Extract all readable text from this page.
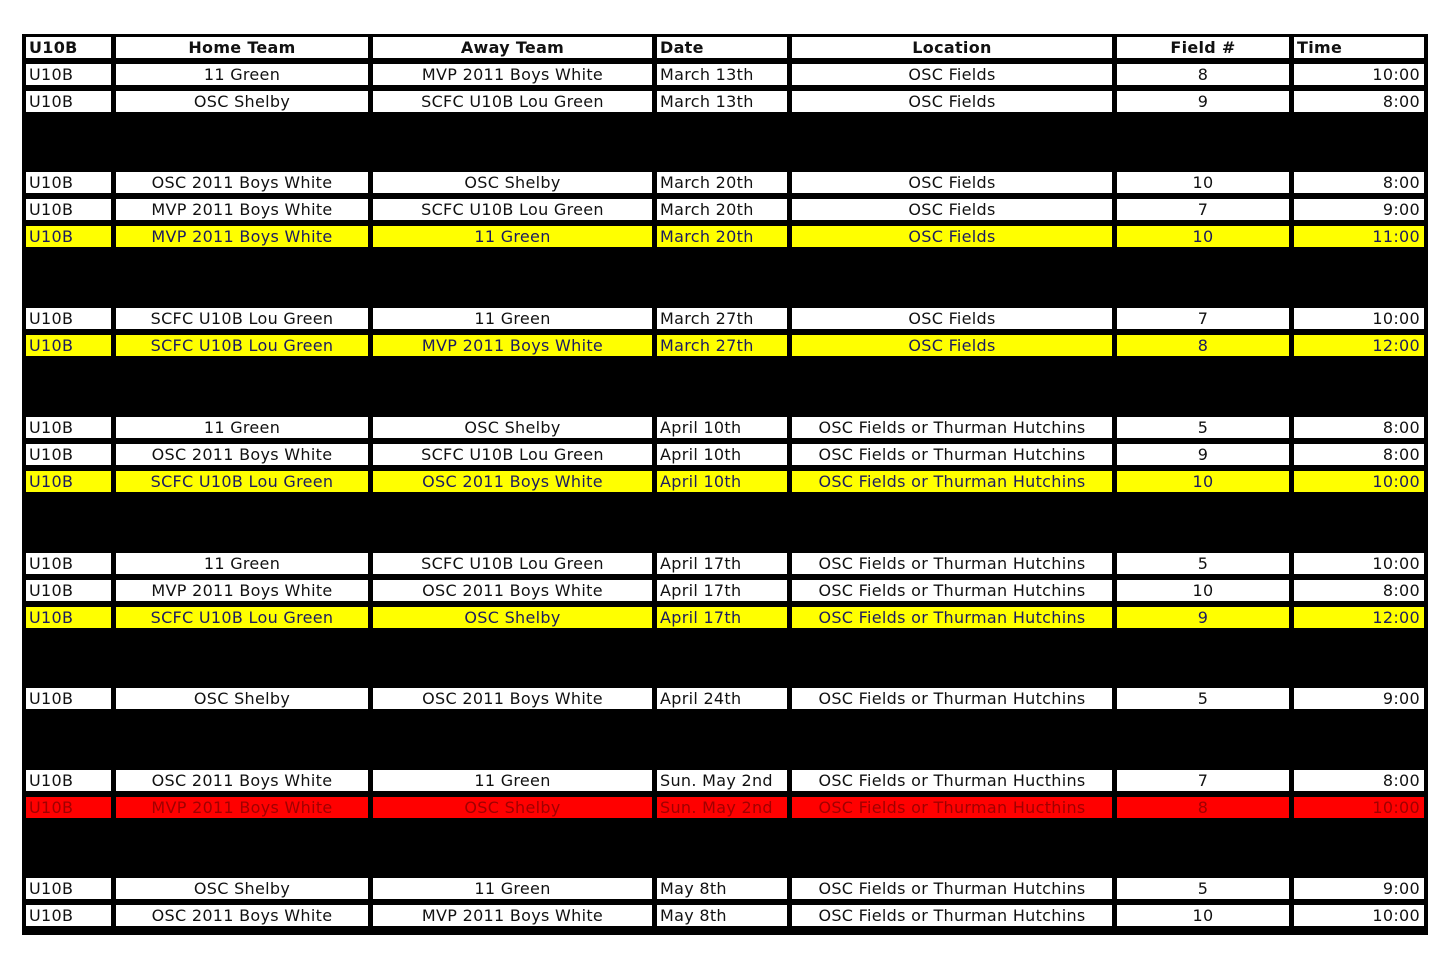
U10B	Home Team	Away Team	Date	Location	Field #	Time
U10B	11 Green	MVP 2011 Boys White	March 13th	OSC Fields	8	10:00
U10B	OSC Shelby	SCFC U10B Lou Green	March 13th	OSC Fields	9	8:00
U10B	OSC 2011 Boys White	OSC Shelby	March 20th	OSC Fields	10	8:00
U10B	MVP 2011 Boys White	SCFC U10B Lou Green	March 20th	OSC Fields	7	9:00
U10B	MVP 2011 Boys White	11 Green	March 20th	OSC Fields	10	11:00
U10B	SCFC U10B Lou Green	11 Green	March 27th	OSC Fields	7	10:00
U10B	SCFC U10B Lou Green	MVP 2011 Boys White	March 27th	OSC Fields	8	12:00
U10B	11 Green	OSC Shelby	April 10th	OSC Fields or Thurman Hutchins	5	8:00
U10B	OSC 2011 Boys White	SCFC U10B Lou Green	April 10th	OSC Fields or Thurman Hutchins	9	8:00
U10B	SCFC U10B Lou Green	OSC 2011 Boys White	April 10th	OSC Fields or Thurman Hutchins	10	10:00
U10B	11 Green	SCFC U10B Lou Green	April 17th	OSC Fields or Thurman Hutchins	5	10:00
U10B	MVP 2011 Boys White	OSC 2011 Boys White	April 17th	OSC Fields or Thurman Hutchins	10	8:00
U10B	SCFC U10B Lou Green	OSC Shelby	April 17th	OSC Fields or Thurman Hutchins	9	12:00
U10B	OSC Shelby	OSC 2011 Boys White	April 24th	OSC Fields or Thurman Hutchins	5	9:00
U10B	OSC 2011 Boys White	11 Green	Sun. May 2nd	OSC Fields or Thurman Hucthins	7	8:00
U10B	MVP 2011 Boys White	OSC Shelby	Sun. May 2nd	OSC Fields or Thurman Hucthins	8	10:00
U10B	OSC Shelby	11 Green	May 8th	OSC Fields or Thurman Hutchins	5	9:00
U10B	OSC 2011 Boys White	MVP 2011 Boys White	May 8th	OSC Fields or Thurman Hutchins	10	10:00
